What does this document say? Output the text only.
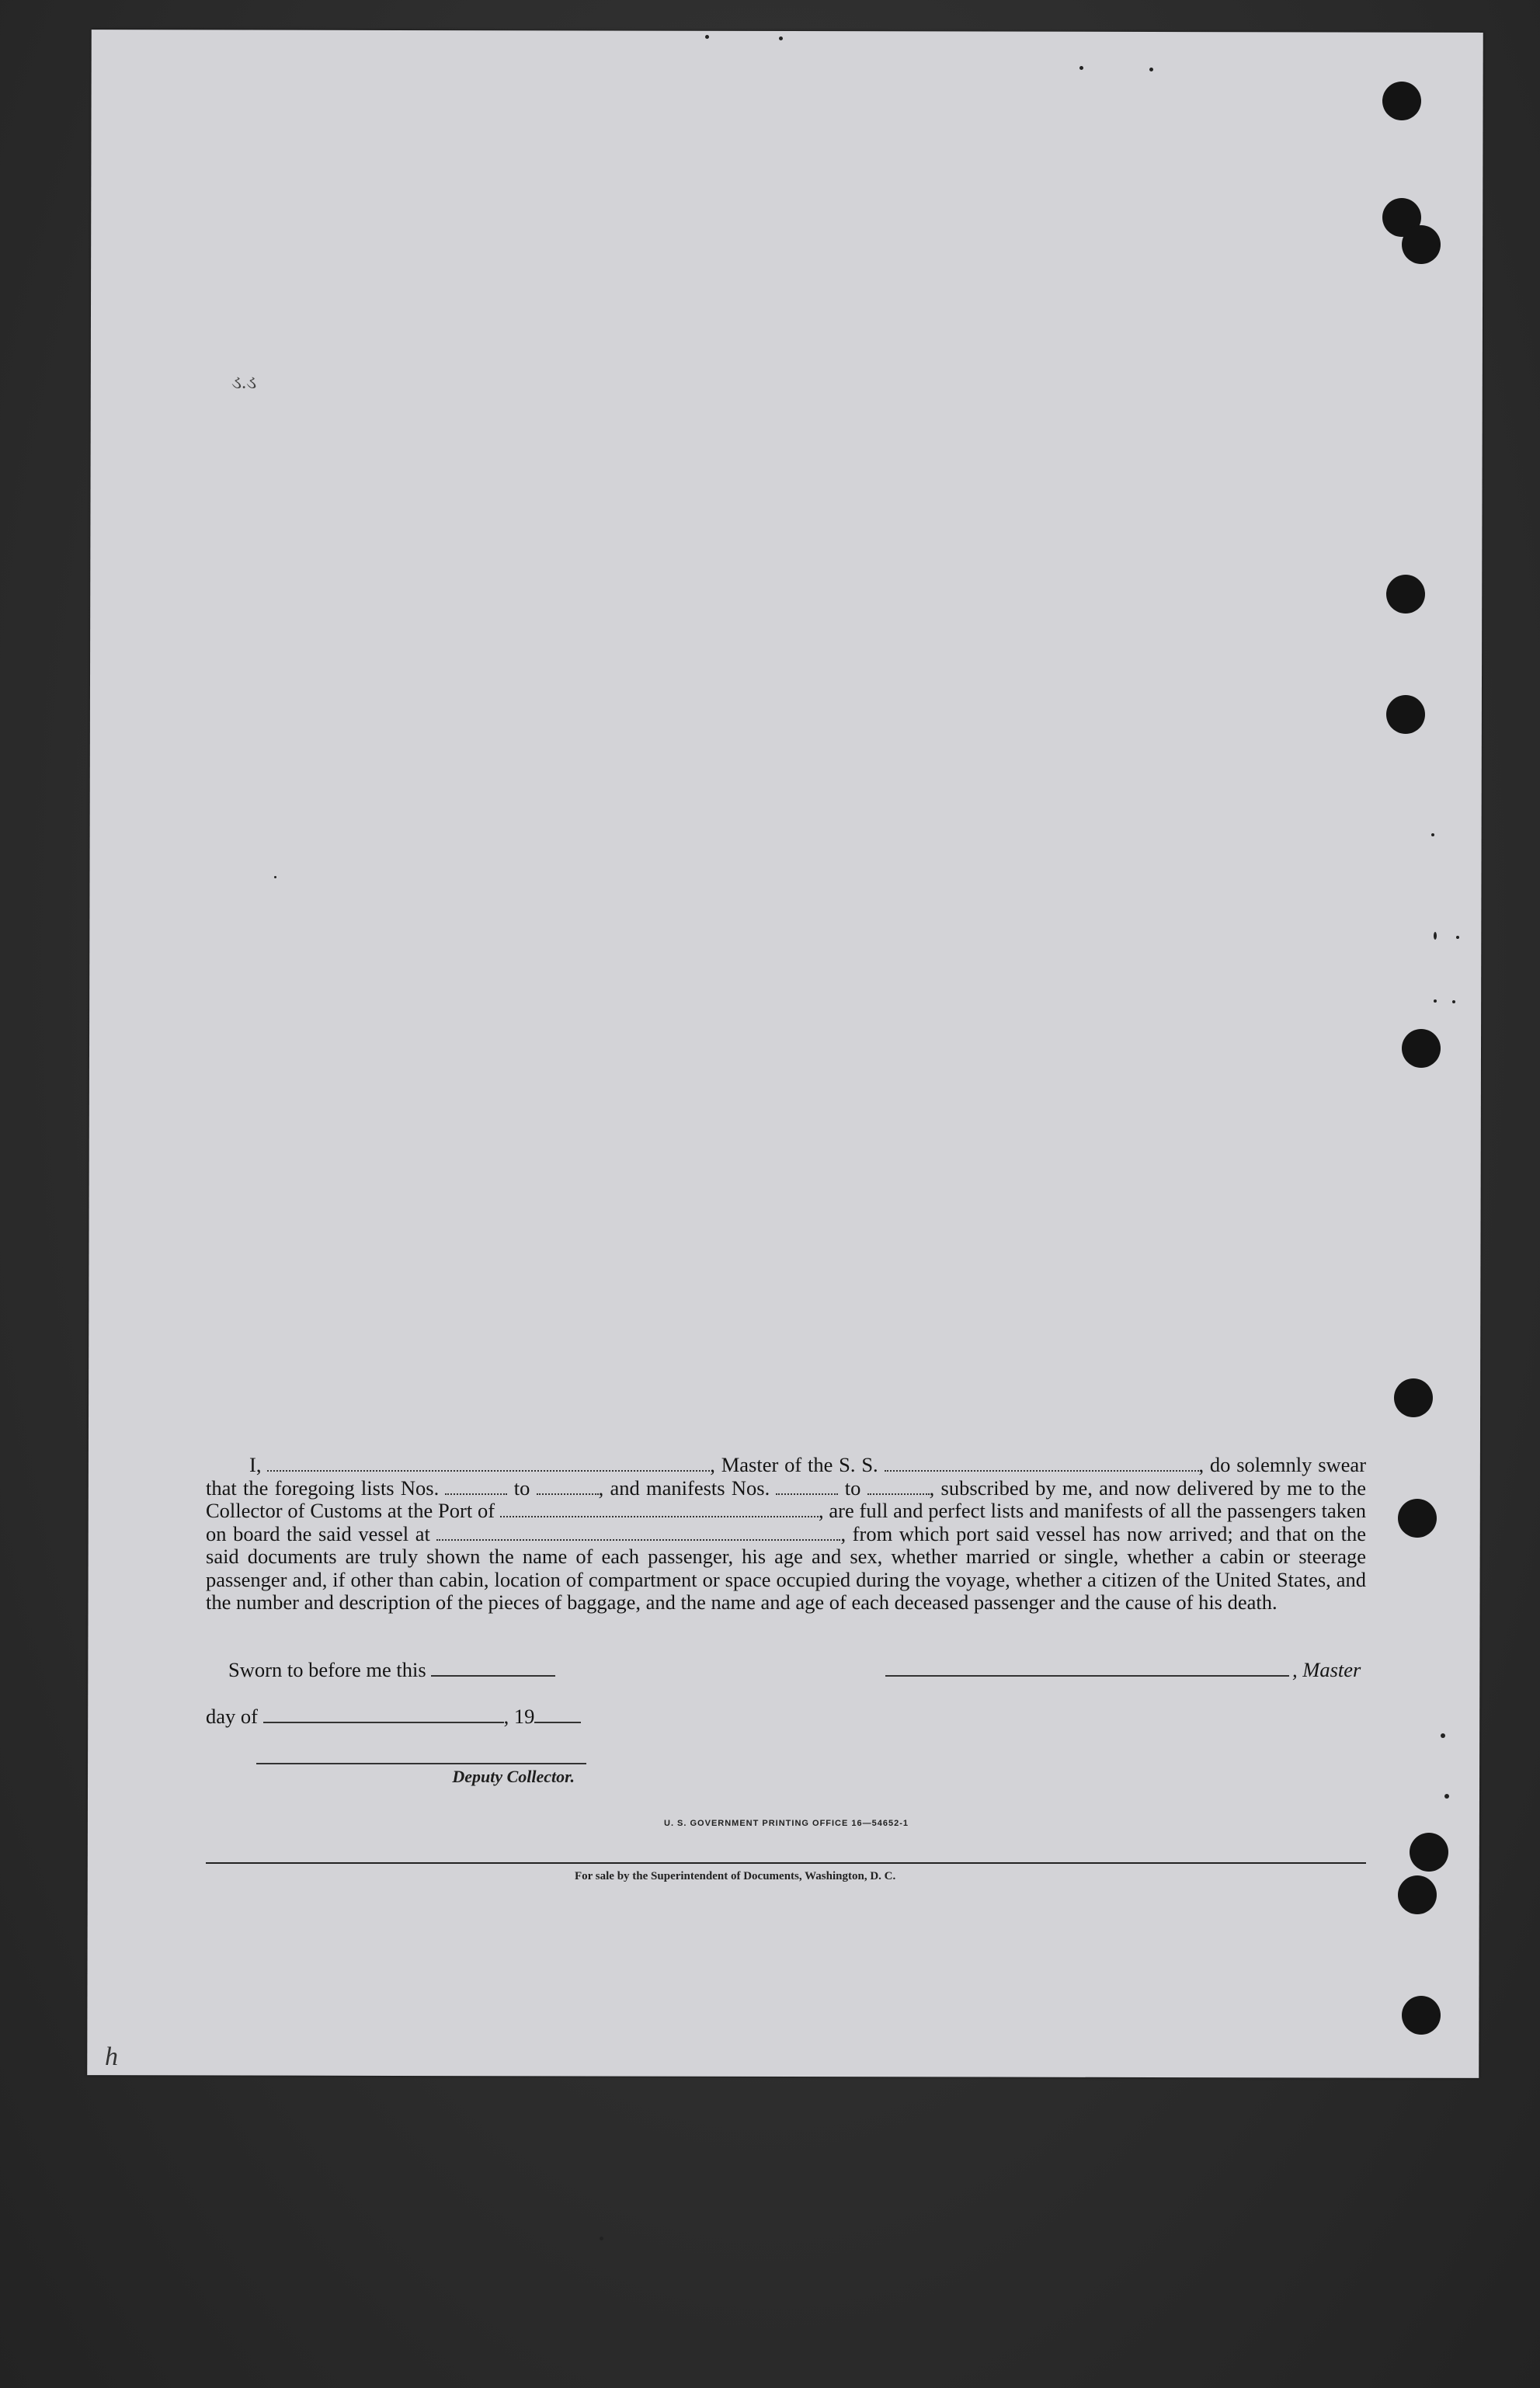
ડ.ડ
I,	, Master of the S. S.	, do solemnly swear that the foregoing lists Nos.	to	, and manifests Nos.	to	, subscribed by me, and now delivered by me to the Collector of Customs at the Port of	, are full and perfect lists and manifests of all the passengers taken on board the said vessel at	, from which port said vessel has now arrived; and that on the said documents are truly shown the name of each passenger, his age and sex, whether married or single, whether a cabin or steerage passenger and, if other than cabin, location of compartment or space occupied during the voyage, whether a citizen of the United States, and the number and description of the pieces of baggage, and the name and age of each deceased passenger and the cause of his death.
Sworn to before me this
day of	, 19
, Master
Deputy Collector.
U. S. GOVERNMENT PRINTING OFFICE 16—54652-1
For sale by the Superintendent of Documents, Washington, D. C.
h
